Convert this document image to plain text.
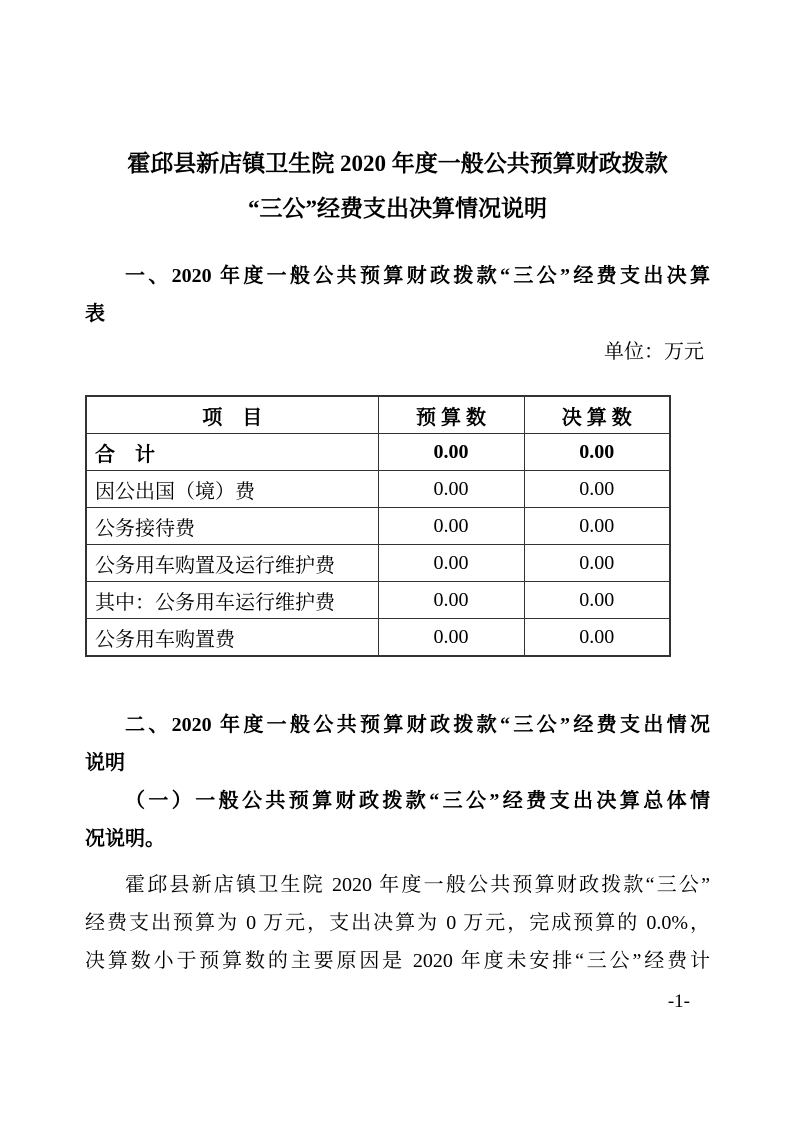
霍邱县新店镇卫生院 2020 年度一般公共预算财政拨款
“三公”经费支出决算情况说明
一、2020 年度一般公共预算财政拨款“三公”经费支出决算
表
单位：万元
项　目	预 算 数	决 算 数
合　计	0.00	0.00
因公出国（境）费	0.00	0.00
公务接待费	0.00	0.00
公务用车购置及运行维护费	0.00	0.00
其中：公务用车运行维护费	0.00	0.00
公务用车购置费	0.00	0.00
二、2020 年度一般公共预算财政拨款“三公”经费支出情况
说明
（一）一般公共预算财政拨款“三公”经费支出决算总体情
况说明。
霍邱县新店镇卫生院 2020 年度一般公共预算财政拨款“三公”
经费支出预算为 0 万元，支出决算为 0 万元，完成预算的 0.0%，
决算数小于预算数的主要原因是 2020 年度未安排“三公”经费计
-1-
